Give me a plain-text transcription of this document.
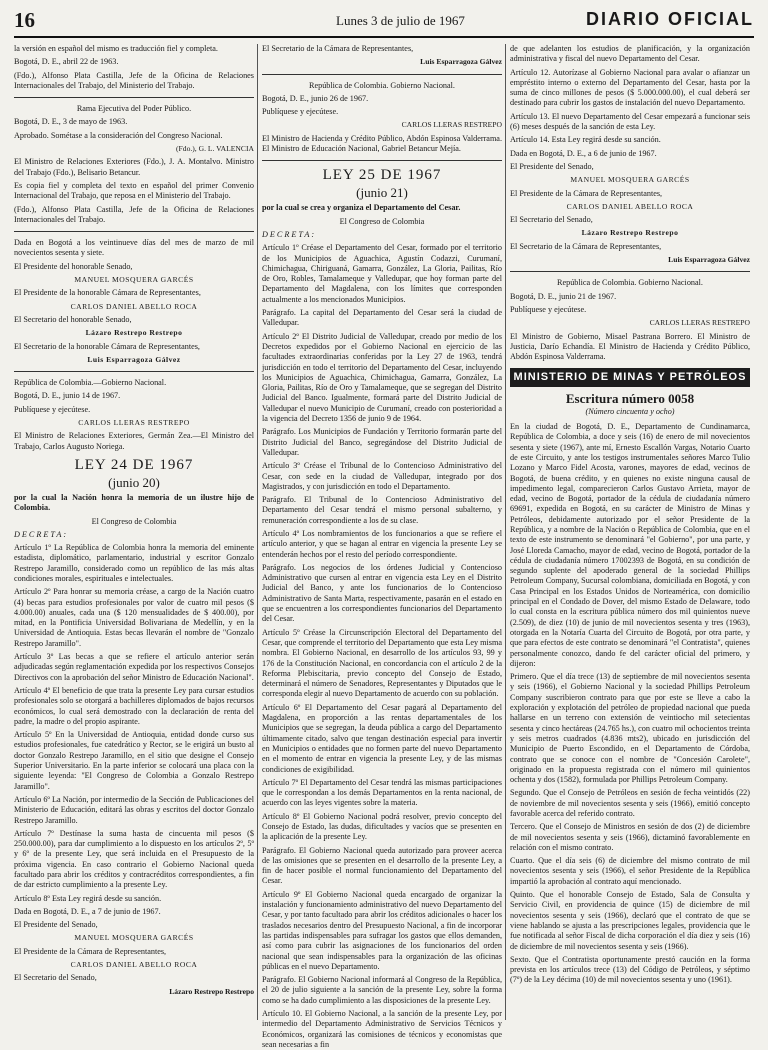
16	Lunes 3 de julio de 1967	DIARIO OFICIAL

la versión en español del mismo es traducción fiel y completa.

Bogotá, D. E., abril 22 de 1963.

(Fdo.), Alfonso Plata Castilla, Jefe de la Oficina de Relaciones Internacionales del Trabajo, del Ministerio del Trabajo.

Rama Ejecutiva del Poder Público.

Bogotá, D. E., 3 de mayo de 1963.

Aprobado. Sométase a la consideración del Congreso Nacional.

(Fdo.), G. L. VALENCIA

El Ministro de Relaciones Exteriores (Fdo.), J. A. Montalvo. Ministro del Trabajo (Fdo.), Belisario Betancur.

Es copia fiel y completa del texto en español del primer Convenio Internacional del Trabajo, que reposa en el Ministerio del Trabajo.

(Fdo.), Alfonso Plata Castilla, Jefe de la Oficina de Relaciones Internacionales del Trabajo.

Dada en Bogotá a los veintinueve días del mes de marzo de mil novecientos sesenta y siete.

El Presidente del honorable Senado,

MANUEL MOSQUERA GARCÉS

El Presidente de la honorable Cámara de Representantes,

CARLOS DANIEL ABELLO ROCA

El Secretario del honorable Senado,

Lázaro Restrepo Restrepo

El Secretario de la honorable Cámara de Representantes,

Luis Esparragoza Gálvez

República de Colombia.—Gobierno Nacional.

Bogotá, D. E., junio 14 de 1967.

Publíquese y ejecútese.

CARLOS LLERAS RESTREPO

El Ministro de Relaciones Exteriores, Germán Zea.—El Ministro del Trabajo, Carlos Augusto Noriega.

LEY 24 DE 1967
(junio 20)

por la cual la Nación honra la memoria de un ilustre hijo de Colombia.

El Congreso de Colombia

DECRETA:

Artículo 1º La República de Colombia honra la memoria del eminente estadista, diplomático, parlamentario, industrial y escritor Gonzalo Restrepo Jaramillo, considerado como un repúblico de las más altas condiciones morales, espirituales e intelectuales.

Artículo 2º Para honrar su memoria créase, a cargo de la Nación cuatro (4) becas para estudios profesionales por valor de cuatro mil pesos ($ 4.000.00) anuales, cada una ($ 120 mensualidades de $ 400.00), por mitad, en la Pontificia Universidad Bolivariana de Medellín, y en la Universidad de Antioquia. Estas becas llevarán el nombre de "Gonzalo Restrepo Jaramillo".

Artículo 3º Las becas a que se refiere el artículo anterior serán adjudicadas según reglamentación expedida por los respectivos Consejos Directivos con la aprobación del señor Ministro de Educación Nacional".

Artículo 4º El beneficio de que trata la presente Ley para cursar estudios profesionales solo se otorgará a bachilleres diplomados de bajos recursos económicos, lo cual será demostrado con la declaración de renta del padre, la madre o del propio aspirante.

Artículo 5º En la Universidad de Antioquia, entidad donde curso sus estudios profesionales, fue catedrático y Rector, se le erigirá un busto al doctor Gonzalo Restrepo Jaramillo, en el sitio que designe el Consejo Superior Universitario. En la parte inferior se colocará una placa con la siguiente leyenda: "El Congreso de Colombia a Gonzalo Restrepo Jaramillo".

Artículo 6º La Nación, por intermedio de la Sección de Publicaciones del Ministerio de Educación, editará las obras y escritos del doctor Gonzalo Restrepo Jaramillo.

Artículo 7º Destínase la suma hasta de cincuenta mil pesos ($ 250.000.00), para dar cumplimiento a lo dispuesto en los artículos 2º, 5º y 6º de la presente Ley, que será incluida en el Presupuesto de la próxima vigencia. En caso contrario el Gobierno Nacional queda facultado para abrir los créditos y contracréditos correspondientes, a fin de dar estricto cumplimiento a la presente Ley.

Artículo 8º Esta Ley regirá desde su sanción.

Dada en Bogotá, D. E., a 7 de junio de 1967.

El Presidente del Senado,

MANUEL MOSQUERA GARCÉS

El Presidente de la Cámara de Representantes,

CARLOS DANIEL ABELLO ROCA

El Secretario del Senado,

Lázaro Restrepo Restrepo

El Secretario de la Cámara de Representantes,

Luis Esparragoza Gálvez

República de Colombia. Gobierno Nacional.

Bogotá, D. E., junio 26 de 1967.

Publíquese y ejecútese.

CARLOS LLERAS RESTREPO

El Ministro de Hacienda y Crédito Público, Abdón Espinosa Valderrama. El Ministro de Educación Nacional, Gabriel Betancur Mejía.

LEY 25 DE 1967
(junio 21)

por la cual se crea y organiza el Departamento del Cesar.

El Congreso de Colombia

DECRETA:

Artículo 1º Créase el Departamento del Cesar, formado por el territorio de los Municipios de Aguachica, Agustín Codazzi, Curumaní, Chimichagua, Chiriguaná, Gamarra, González, La Gloria, Pailitas, Río de Oro, Robles, Tamalameque y Valledupar, que hoy forman parte del Departamento del Magdalena, con los límites que corresponden actualmente a los mencionados Municipios.

Parágrafo. La capital del Departamento del Cesar será la ciudad de Valledupar.

Artículo 2º El Distrito Judicial de Valledupar, creado por medio de los Decretos expedidos por el Gobierno Nacional en ejercicio de las facultades extraordinarias conferidas por la Ley 27 de 1963, tendrá jurisdicción en todo el territorio del Departamento del Cesar, incluyendo los Municipios de Aguachica, Chimichagua, Gamarra, González, La Gloria, Pailitas, Río de Oro y Tamalameque, que se segregan del Distrito Judicial del Banco. Igualmente, formará parte del Distrito Judicial de Valledupar el nuevo Municipio de Curumaní, creado con posterioridad a la vigencia del Decreto 1356 de junio 9 de 1964.

Parágrafo. Los Municipios de Fundación y Territorio formarán parte del Distrito Judicial del Banco, segregándose del Distrito Judicial de Valledupar.

Artículo 3º Créase el Tribunal de lo Contencioso Administrativo del Cesar, con sede en la ciudad de Valledupar, integrado por dos Magistrados, y con jurisdicción en todo el Departamento.

Parágrafo. El Tribunal de lo Contencioso Administrativo del Departamento del Cesar tendrá el mismo personal subalterno, y remuneración correspondiente a los de su clase.

Artículo 4º Los nombramientos de los funcionarios a que se refiere el artículo anterior, y que se hagan al entrar en vigencia la presente Ley se entenderán hechos por el resto del período correspondiente.

Parágrafo. Los negocios de los órdenes Judicial y Contencioso Administrativo que cursen al entrar en vigencia esta Ley en el Distrito Judicial del Banco, y ante los funcionarios de lo Contencioso Administrativo de Santa Marta, respectivamente, pasarán en el estado en que se encuentren a los correspondientes funcionarios del Departamento del Cesar.

Artículo 5º Créase la Circunscripción Electoral del Departamento del Cesar, que comprende el territorio del Departamento que esta Ley misma nombra. El Gobierno Nacional, en desarrollo de los artículos 93, 99 y 176 de la Constitución Nacional, en concordancia con el artículo 2 de la Reforma Plebiscitaria, previo concepto del Consejo de Estado, determinará el número de Senadores, Representantes y Diputados que le corresponda elegir al nuevo Departamento de acuerdo con su población.

Artículo 6º El Departamento del Cesar pagará al Departamento del Magdalena, en proporción a las rentas departamentales de los Municipios que se segregan, la deuda pública a cargo del Departamento últimamente citado, salvo que tengan destinación especial para invertir en Municipios o entidades que no formen parte del nuevo Departamento en el momento de entrar en vigencia la presente Ley, y de las mismas condiciones de exigibilidad.

Artículo 7º El Departamento del Cesar tendrá las mismas participaciones que le correspondan a los demás Departamentos en la renta nacional, de acuerdo con las leyes vigentes sobre la materia.

Artículo 8º El Gobierno Nacional podrá resolver, previo concepto del Consejo de Estado, las dudas, dificultades y vacíos que se presenten en la aplicación de la presente Ley.

Parágrafo. El Gobierno Nacional queda autorizado para proveer acerca de las omisiones que se presenten en el desarrollo de la presente Ley, a fin de hacer posible el normal funcionamiento del Departamento del Cesar.

Artículo 9º El Gobierno Nacional queda encargado de organizar la instalación y funcionamiento administrativo del nuevo Departamento del Cesar, y por tanto facultado para abrir los créditos adicionales o hacer los traslados necesarios dentro del Presupuesto Nacional, a fin de incorporar las partidas indispensables para sufragar los gastos que ellos demanden, así como para cubrir las asignaciones de los funcionarios del orden nacional que sean indispensables para la organización de las oficinas públicas en el nuevo Departamento.

Parágrafo. El Gobierno Nacional informará al Congreso de la República, el 20 de julio siguiente a la sanción de la presente Ley, sobre la forma como se ha dado cumplimiento a las disposiciones de la presente Ley.

Artículo 10. El Gobierno Nacional, a la sanción de la presente Ley, por intermedio del Departamento Administrativo de Servicios Técnicos y Económicos, organizará las comisiones de técnicos y economistas que sean necesarias a fin

de que adelanten los estudios de planificación, y la organización administrativa y fiscal del nuevo Departamento del Cesar.

Artículo 12. Autorízase al Gobierno Nacional para avalar o afianzar un empréstito interno o externo del Departamento del Cesar, hasta por la suma de cinco millones de pesos ($ 5.000.000.00), el cual deberá ser destinado para cubrir los gastos de instalación del nuevo Departamento.

Artículo 13. El nuevo Departamento del Cesar empezará a funcionar seis (6) meses después de la sanción de esta Ley.

Artículo 14. Esta Ley regirá desde su sanción.

Dada en Bogotá, D. E., a 6 de junio de 1967.

El Presidente del Senado,

MANUEL MOSQUERA GARCÉS

El Presidente de la Cámara de Representantes,

CARLOS DANIEL ABELLO ROCA

El Secretario del Senado,

Lázaro Restrepo Restrepo

El Secretario de la Cámara de Representantes,

Luis Esparragoza Gálvez

República de Colombia. Gobierno Nacional.

Bogotá, D. E., junio 21 de 1967.

Publíquese y ejecútese.

CARLOS LLERAS RESTREPO

El Ministro de Gobierno, Misael Pastrana Borrero. El Ministro de Justicia, Darío Echandía. El Ministro de Hacienda y Crédito Público, Abdón Espinosa Valderrama.

MINISTERIO DE MINAS Y PETRÓLEOS
Escritura número 0058
(Número cincuenta y ocho)

En la ciudad de Bogotá, D. E., Departamento de Cundinamarca, República de Colombia, a doce y seis (16) de enero de mil novecientos sesenta y siete (1967), ante mí, Ernesto Escallón Vargas, Notario Cuarto de este Circuito, y ante los testigos instrumentales señores Marco Tulio Lozano y Marco Fidel Acosta, varones, mayores de edad, vecinos de Bogotá, de buena crédito, y en quienes no existe ninguna causal de impedimento legal, comparecieron Carlos Gustavo Arrieta, mayor de edad, vecino de Bogotá, portador de la cédula de ciudadanía número 69691, expedida en Bogotá, en su carácter de Ministro de Minas y Petróleos, debidamente autorizado por el señor Presidente de la República, y a nombre de la Nación o República de Colombia, que en el texto de este instrumento se denominará "el Gobierno", por una parte, y José Lloreda Camacho, mayor de edad, vecino de Bogotá, portador de la cédula de ciudadanía número 17002393 de Bogotá, en su condición de segundo suplente del apoderado general de la sociedad Phillips Petroleum Company, Sucursal colombiana, domiciliada en Bogotá, y con Casa Principal en los Estados Unidos de Norteamérica, con domicilio principal en el Condado de Dover, del mismo Estado de Delaware, todo lo cual consta en la escritura pública número dos mil quinientos nueve (2.509), de diez (10) de junio de mil novecientos sesenta y tres (1963), otorgada en la Notaría Cuarta del Circuito de Bogotá, por otra parte, y que para efectos de este contrato se denominará "el Contratista", quienes personalmente conozco, dando fe del carácter oficial del primero, y dijeron:

Primero. Que el día trece (13) de septiembre de mil novecientos sesenta y seis (1966), el Gobierno Nacional y la sociedad Phillips Petroleum Company suscribieron contrato para que por este se lleve a cabo la exploración y explotación del petróleo de propiedad nacional que pueda hallarse en un terreno con extensión de veintiocho mil setecientas sesenta y cinco hectáreas (24.765 hs.), con cuatro mil ochocientos treinta y seis metros cuadrados (4.836 mts2), ubicado en jurisdicción del Municipio de Puerto Escondido, en el Departamento de Córdoba, contrato que se conoce con el nombre de "Concesión Carolete", originado en la propuesta registrada con el número mil quinientos ochenta y dos (1582), formulada por Phillips Petroleum Company.

Segundo. Que el Consejo de Petróleos en sesión de fecha veintidós (22) de noviembre de mil novecientos sesenta y seis (1966), emitió concepto favorable acerca del referido contrato.

Tercero. Que el Consejo de Ministros en sesión de dos (2) de diciembre de mil novecientos sesenta y seis (1966), dictaminó favorablemente en relación con el mismo contrato.

Cuarto. Que el día seis (6) de diciembre del mismo contrato de mil novecientos sesenta y seis (1966), el señor Presidente de la República impartió la aprobación al contrato aquí mencionado.

Quinto. Que el honorable Consejo de Estado, Sala de Consulta y Servicio Civil, en providencia de quince (15) de diciembre de mil novecientos sesenta y seis (1966), declaró que el contrato de que se viene hablando se ajusta a las prescripciones legales, providencia que le fue notificada al señor Fiscal de dicha corporación el día diez y seis (16) de diciembre de mil novecientos sesenta y seis (1966).

Sexto. Que el Contratista oportunamente prestó caución en la forma prevista en los artículos trece (13) del Código de Petróleos, y séptimo (7º) de la Ley décima (10) de mil novecientos sesenta y uno (1961).
